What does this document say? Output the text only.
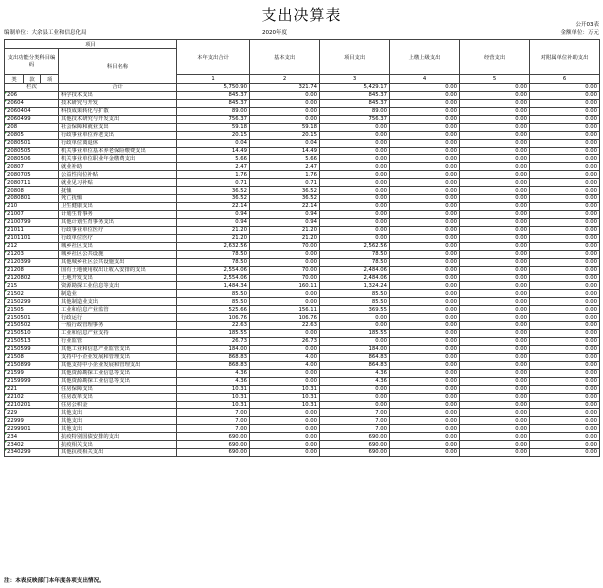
支出决算表
编制单位：大余县工业和信息化局	2020年度
公开03表
金额单位：万元
项目				本年支出合计	基本支出	项目支出	上缴上级支出	经营支出	对附属单位补助支出
支出功能分类科目编码			科目名称						
类	款	项		1	2	3	4	5	6
栏次			合计	5,750.90	321.74	5,429.17	0.00	0.00	0.00

206			科学技术支出	845.37	0.00	845.37	0.00	0.00	0.00

20604			技术研究与开发	845.37	0.00	845.37	0.00	0.00	0.00

2060404			科技成果转化与扩散	89.00	0.00	89.00	0.00	0.00	0.00

2060499			其他技术研究与开发支出	756.37	0.00	756.37	0.00	0.00	0.00

208			社会保障和就业支出	59.18	59.18	0.00	0.00	0.00	0.00

20805			行政事业单位养老支出	20.15	20.15	0.00	0.00	0.00	0.00

2080501			行政单位离退休	0.04	0.04	0.00	0.00	0.00	0.00

2080505			机关事业单位基本养老保险缴费支出	14.49	14.49	0.00	0.00	0.00	0.00

2080506			机关事业单位职业年金缴费支出	5.66	5.66	0.00	0.00	0.00	0.00

20807			就业补助	2.47	2.47	0.00	0.00	0.00	0.00

2080705			公益性岗位补贴	1.76	1.76	0.00	0.00	0.00	0.00

2080711			就业见习补贴	0.71	0.71	0.00	0.00	0.00	0.00

20808			抚恤	36.52	36.52	0.00	0.00	0.00	0.00

2080801			死亡抚恤	36.52	36.52	0.00	0.00	0.00	0.00

210			卫生健康支出	22.14	22.14	0.00	0.00	0.00	0.00

21007			计划生育事务	0.94	0.94	0.00	0.00	0.00	0.00

2100799			其他计划生育事务支出	0.94	0.94	0.00	0.00	0.00	0.00

21011			行政事业单位医疗	21.20	21.20	0.00	0.00	0.00	0.00

2101101			行政单位医疗	21.20	21.20	0.00	0.00	0.00	0.00

212			城乡社区支出	2,632.56	70.00	2,562.56	0.00	0.00	0.00

21203			城乡社区公共设施	78.50	0.00	78.50	0.00	0.00	0.00

2120399			其他城乡社区公共设施支出	78.50	0.00	78.50	0.00	0.00	0.00

21208			国有土地使用权出让收入安排的支出	2,554.06	70.00	2,484.06	0.00	0.00	0.00

2120802			土地开发支出	2,554.06	70.00	2,484.06	0.00	0.00	0.00

215			资源勘探工业信息等支出	1,484.34	160.11	1,324.24	0.00	0.00	0.00

21502			制造业	85.50	0.00	85.50	0.00	0.00	0.00

2150299			其他制造业支出	85.50	0.00	85.50	0.00	0.00	0.00

21505			工业和信息产业监管	525.66	156.11	369.55	0.00	0.00	0.00

2150501			行政运行	106.76	106.76	0.00	0.00	0.00	0.00

2150502			一般行政管理事务	22.63	22.63	0.00	0.00	0.00	0.00

2150510			工业和信息产业支持	185.55	0.00	185.55	0.00	0.00	0.00

2150513			行业监管	26.73	26.73	0.00	0.00	0.00	0.00

2150599			其他工业和信息产业监管支出	184.00	0.00	184.00	0.00	0.00	0.00

21508			支持中小企业发展和管理支出	868.83	4.00	864.83	0.00	0.00	0.00

2150899			其他支持中小企业发展和管理支出	868.83	4.00	864.83	0.00	0.00	0.00

21599			其他资源勘探工业信息等支出	4.36	0.00	4.36	0.00	0.00	0.00

2159999			其他资源勘探工业信息等支出	4.36	0.00	4.36	0.00	0.00	0.00

221			住房保障支出	10.31	10.31	0.00	0.00	0.00	0.00

22102			住房改革支出	10.31	10.31	0.00	0.00	0.00	0.00

2210201			住房公积金	10.31	10.31	0.00	0.00	0.00	0.00

229			其他支出	7.00	0.00	7.00	0.00	0.00	0.00

22999			其他支出	7.00	0.00	7.00	0.00	0.00	0.00

2299901			其他支出	7.00	0.00	7.00	0.00	0.00	0.00

234			抗疫特别国债安排的支出	690.00	0.00	690.00	0.00	0.00	0.00

23402			抗疫相关支出	690.00	0.00	690.00	0.00	0.00	0.00

2340299			其他抗疫相关支出	690.00	0.00	690.00	0.00	0.00	0.00
注：本表反映部门本年度各项支出情况。
